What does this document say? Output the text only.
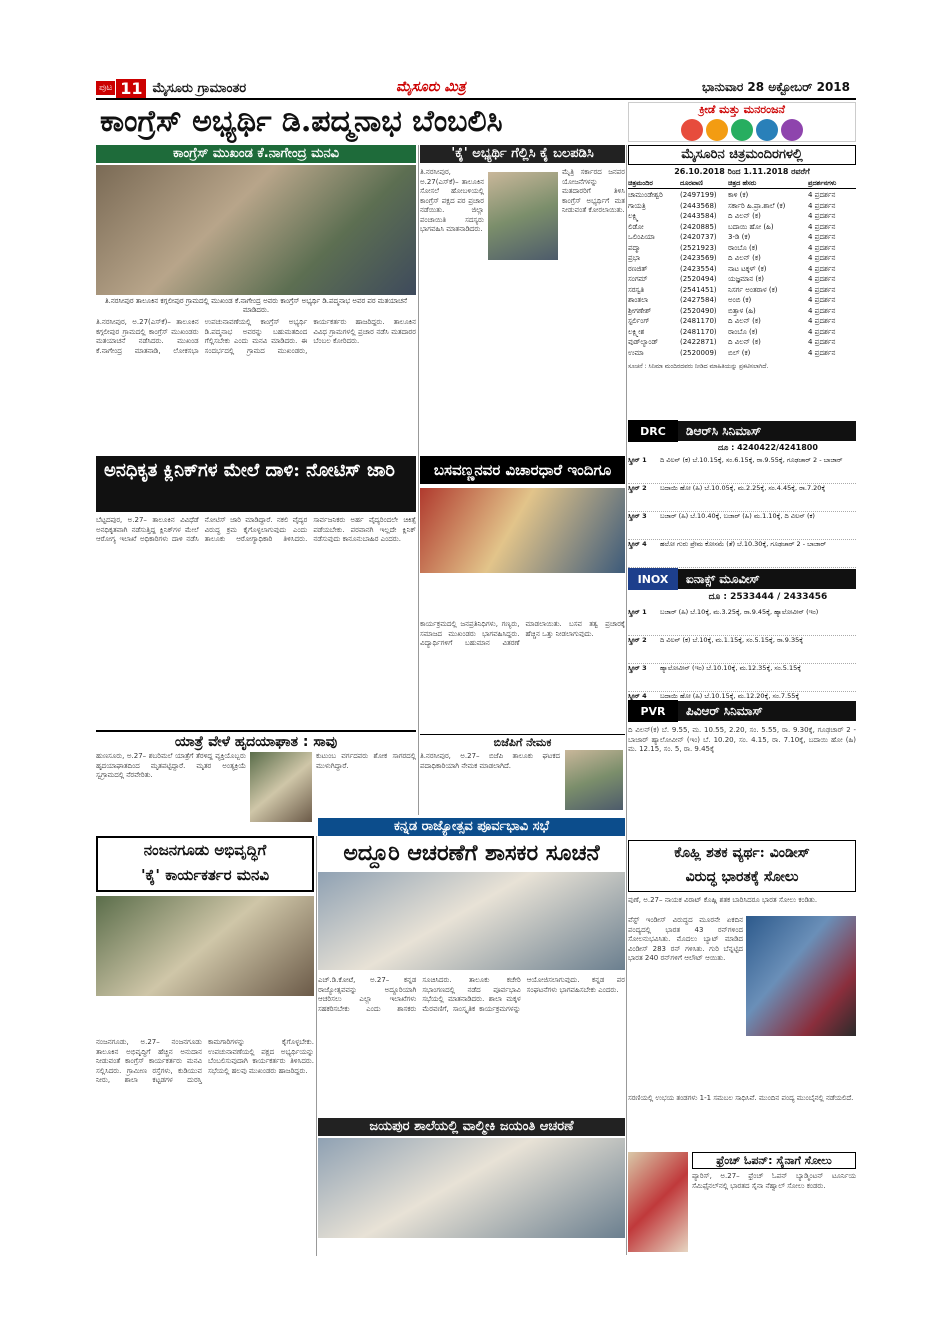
ಪುಟ 11 ಮೈಸೂರು ಗ್ರಾಮಾಂತರ	ಮೈಸೂರು ಮಿತ್ರ	ಭಾನುವಾರ 28 ಅಕ್ಟೋಬರ್ 2018
ಕಾಂಗ್ರೆಸ್ ಅಭ್ಯರ್ಥಿ ಡಿ.ಪದ್ಮನಾಭ ಬೆಂಬಲಿಸಿ	ಕ್ರೀಡೆ ಮತ್ತು ಮನರಂಜನೆ
ಕಾಂಗ್ರೆಸ್ ಮುಖಂಡ ಕೆ.ನಾಗೇಂದ್ರ ಮನವಿ
ತಿ.ನರಸೀಪುರ ತಾಲೂಕಿನ ಕಗ್ಗಲೀಪುರ ಗ್ರಾಮದಲ್ಲಿ ಮುಖಂಡ ಕೆ.ನಾಗೇಂದ್ರ ಅವರು ಕಾಂಗ್ರೆಸ್ ಅಭ್ಯರ್ಥಿ ಡಿ.ಪದ್ಮನಾಭ ಅವರ ಪರ ಮತಯಾಚನೆ ಮಾಡಿದರು.
ತಿ.ನರಸೀಪುರ, ಅ.27(ಎಸ್‌ಕೆ)– ತಾಲೂಕಿನ ಕಗ್ಗಲೀಪುರ ಗ್ರಾಮದಲ್ಲಿ ಕಾಂಗ್ರೆಸ್ ಮುಖಂಡರು ಮತಯಾಚನೆ ನಡೆಸಿದರು. ಮುಖಂಡ ಕೆ.ನಾಗೇಂದ್ರ ಮಾತನಾಡಿ, ಲೋಕಸಭಾ ಉಪಚುನಾವಣೆಯಲ್ಲಿ ಕಾಂಗ್ರೆಸ್ ಅಭ್ಯರ್ಥಿ ಡಿ.ಪದ್ಮನಾಭ ಅವರನ್ನು ಬಹುಮತದಿಂದ ಗೆಲ್ಲಿಸಬೇಕು ಎಂದು ಮನವಿ ಮಾಡಿದರು. ಈ ಸಂದರ್ಭದಲ್ಲಿ ಗ್ರಾಮದ ಮುಖಂಡರು, ಕಾರ್ಯಕರ್ತರು ಹಾಜರಿದ್ದರು. ತಾಲೂಕಿನ ವಿವಿಧ ಗ್ರಾಮಗಳಲ್ಲಿ ಪ್ರಚಾರ ನಡೆಸಿ ಮತದಾರರ ಬೆಂಬಲ ಕೋರಿದರು.
'ಕೈ' ಅಭ್ಯರ್ಥಿ ಗೆಲ್ಲಿಸಿ ಕೈ ಬಲಪಡಿಸಿ
ತಿ.ನರಸೀಪುರ, ಅ.27(ಎಸ್‌ಕೆ)– ತಾಲೂಕಿನ ಸೋಸಲೆ ಹೋಬಳಿಯಲ್ಲಿ ಕಾಂಗ್ರೆಸ್ ಪಕ್ಷದ ಪರ ಪ್ರಚಾರ ನಡೆಯಿತು. ಜಿಲ್ಲಾ ಪಂಚಾಯಿತಿ ಸದಸ್ಯರು ಭಾಗವಹಿಸಿ ಮಾತನಾಡಿದರು.
ಮೈತ್ರಿ ಸರ್ಕಾರದ ಜನಪರ ಯೋಜನೆಗಳನ್ನು ಮತದಾರರಿಗೆ ತಿಳಿಸಿ ಕಾಂಗ್ರೆಸ್ ಅಭ್ಯರ್ಥಿಗೆ ಮತ ನೀಡುವಂತೆ ಕೋರಲಾಯಿತು.
ಮೈಸೂರಿನ ಚಿತ್ರಮಂದಿರಗಳಲ್ಲಿ
26.10.2018 ರಿಂದ 1.11.2018 ರವರೆಗೆ
ಚಿತ್ರಮಂದಿರ	ದೂರವಾಣಿ	ಚಿತ್ರದ ಹೆಸರು	ಪ್ರದರ್ಶನಗಳು
ಚಾಮುಂಡೇಶ್ವರಿ	(2497199)	ಕಾಳಿ (ಕ)	4 ಪ್ರದರ್ಶನ
ಗಾಯತ್ರಿ	(2443568)	ಸರ್ಕಾರಿ ಹಿ.ಪ್ರಾ.ಶಾಲೆ (ಕ)	4 ಪ್ರದರ್ಶನ
ಲಕ್ಷ್ಮಿ	(2443584)	ದಿ ವಿಲನ್ (ಕ)	4 ಪ್ರದರ್ಶನ
ಲಿಡೋ	(2420885)	ಬದಾಯಿ ಹೋ (ಹಿ)	4 ಪ್ರದರ್ಶನ
ಒಲಿಂಪಿಯಾ	(2420737)	3-ಡಿ (ಕ)	4 ಪ್ರದರ್ಶನ
ಪದ್ಮಾ	(2521923)	ರಾಂಬೊ (ಕ)	4 ಪ್ರದರ್ಶನ
ಪ್ರಭಾ	(2423569)	ದಿ ವಿಲನ್ (ಕ)	4 ಪ್ರದರ್ಶನ
ರಣಜಿತ್	(2423554)	ನಾಟ ಟಕ್ಕಳ್ (ಕ)	4 ಪ್ರದರ್ಶನ
ಸಂಗಮ್	(2520494)	ಯಜ್ಞಮಾನ (ಕ)	4 ಪ್ರದರ್ಶನ
ಸರಸ್ವತಿ	(2541451)	ನಿಸರ್ಗ ಅಂತರಾಳ (ಕ)	4 ಪ್ರದರ್ಶನ
ಶಾಂತಲಾ	(2427584)	ಅಂಬಿ (ಕ)	4 ಪ್ರದರ್ಶನ
ಶ್ರೀಗಣೇಶ್	(2520490)	ಬಿತ್ತಾಳ (ಹಿ)	4 ಪ್ರದರ್ಶನ
ಸ್ಟರ್ಲಿಂಗ್	(2481170)	ದಿ ವಿಲನ್ (ಕ)	4 ಪ್ರದರ್ಶನ
ಲಕ್ಷ್ಮೀಶ	(2481170)	ರಾಂಬೊ (ಕ)	4 ಪ್ರದರ್ಶನ
ವುಡ್‌ಲ್ಯಾಂಡ್	(2422871)	ದಿ ವಿಲನ್ (ಕ)	4 ಪ್ರದರ್ಶನ
ಉಮಾ	(2520009)	ಬಿಲ್ (ಕ)	4 ಪ್ರದರ್ಶನ
ಸೂಚನೆ : ಸಿನಿಮಾ ಮಂದಿರದವರು ನೀಡಿದ ಮಾಹಿತಿಯನ್ನು ಪ್ರಕಟಿಸಲಾಗಿದೆ.
DRC	ಡಿಆರ್‌ಸಿ ಸಿನಿಮಾಸ್
ದೂ : 4240422/4241800
ಸ್ಕ್ರೀನ್ 1	ದಿ ವಿಲನ್ (ಕ) ಬೆ.10.15ಕ್ಕೆ, ಸಂ.6.15ಕ್ಕೆ, ರಾ.9.55ಕ್ಕೆ, ಗೂಢಚಾರ್ 2 - ಬಾಜಾರ್
ಸ್ಕ್ರೀನ್ 2	ಬದಾಯಿ ಹೋ (ಹಿ) ಬೆ.10.05ಕ್ಕೆ, ಮ.2.25ಕ್ಕೆ, ಸಂ.4.45ಕ್ಕೆ, ರಾ.7.20ಕ್ಕೆ
ಸ್ಕ್ರೀನ್ 3	ಬಜಾರ್ (ಹಿ) ಬೆ.10.40ಕ್ಕೆ, ಬಜಾರ್ (ಹಿ) ಮ.1.10ಕ್ಕೆ, ದಿ ವಿಲನ್ (ಕ)
ಸ್ಕ್ರೀನ್ 4	ಹಲೋ ಗುರು ಪ್ರೇಮ ಕೋಸಮೆ (ತೆ) ಬೆ.10.30ಕ್ಕೆ, ಗೂಢಚಾರ್ 2 - ಬಾಜಾರ್
INOX	ಐನಾಕ್ಸ್ ಮೂವೀಸ್
ದೂ : 2533444 / 2433456
ಸ್ಕ್ರೀನ್ 1	ಬಜಾರ್ (ಹಿ) ಬೆ.10ಕ್ಕೆ, ಮ.3.25ಕ್ಕೆ, ರಾ.9.45ಕ್ಕೆ, ಹ್ಯಾಲೋವೀನ್ (ಇಂ)
ಸ್ಕ್ರೀನ್ 2	ದಿ ವಿಲನ್ (ಕ) ಬೆ.10ಕ್ಕೆ, ಮ.1.15ಕ್ಕೆ, ಸಂ.5.15ಕ್ಕೆ, ರಾ.9.35ಕ್ಕೆ
ಸ್ಕ್ರೀನ್ 3	ಹ್ಯಾಲೋವೀನ್ (ಇಂ) ಬೆ.10.10ಕ್ಕೆ, ಮ.12.35ಕ್ಕೆ, ಸಂ.5.15ಕ್ಕೆ
ಸ್ಕ್ರೀನ್ 4	ಬದಾಯಿ ಹೋ (ಹಿ) ಬೆ.10.15ಕ್ಕೆ, ಮ.12.20ಕ್ಕೆ, ಸಂ.7.55ಕ್ಕೆ
PVR	ಪಿವಿಆರ್ ಸಿನಿಮಾಸ್
ದಿ ವಿಲನ್(ಕ) ಬೆ. 9.55, ಮ. 10.55, 2.20, ಸಂ. 5.55, ರಾ. 9.30ಕ್ಕೆ, ಗೂಢಚಾರ್ 2 - ಬಾಜಾರ್ ಹ್ಯಾಲೋವೀನ್ (ಇಂ) ಬೆ. 10.20, ಸಂ. 4.15, ರಾ. 7.10ಕ್ಕೆ, ಬದಾಯಿ ಹೋ (ಹಿ) ಮ. 12.15, ಸಂ. 5, ರಾ. 9.45ಕ್ಕೆ
ಅನಧಿಕೃತ ಕ್ಲಿನಿಕ್‌ಗಳ ಮೇಲೆ ದಾಳಿ: ನೋಟಿಸ್ ಜಾರಿ
ಬೆಟ್ಟದಪುರ, ಅ.27– ತಾಲೂಕಿನ ವಿವಿಧೆಡೆ ಅನಧಿಕೃತವಾಗಿ ನಡೆಸುತ್ತಿದ್ದ ಕ್ಲಿನಿಕ್‌ಗಳ ಮೇಲೆ ಆರೋಗ್ಯ ಇಲಾಖೆ ಅಧಿಕಾರಿಗಳು ದಾಳಿ ನಡೆಸಿ ನೋಟಿಸ್ ಜಾರಿ ಮಾಡಿದ್ದಾರೆ. ನಕಲಿ ವೈದ್ಯರ ವಿರುದ್ಧ ಕ್ರಮ ಕೈಗೊಳ್ಳಲಾಗುವುದು ಎಂದು ತಾಲೂಕು ಆರೋಗ್ಯಾಧಿಕಾರಿ ತಿಳಿಸಿದರು. ಸಾರ್ವಜನಿಕರು ಅರ್ಹ ವೈದ್ಯರಿಂದಲೇ ಚಿಕಿತ್ಸೆ ಪಡೆಯಬೇಕು. ಪರವಾನಗಿ ಇಲ್ಲದೇ ಕ್ಲಿನಿಕ್ ನಡೆಸುವುದು ಕಾನೂನುಬಾಹಿರ ಎಂದರು.
ಯಾತ್ರೆ ವೇಳೆ ಹೃದಯಾಘಾತ : ಸಾವು
ಹುಣಸೂರು, ಅ.27– ಶಬರಿಮಲೆ ಯಾತ್ರೆಗೆ ತೆರಳಿದ್ದ ವ್ಯಕ್ತಿಯೊಬ್ಬರು ಹೃದಯಾಘಾತದಿಂದ ಮೃತಪಟ್ಟಿದ್ದಾರೆ. ಮೃತರ ಅಂತ್ಯಕ್ರಿಯೆ ಸ್ವಗ್ರಾಮದಲ್ಲಿ ನೆರವೇರಿತು.
ಕುಟುಂಬ ವರ್ಗದವರು ಶೋಕ ಸಾಗರದಲ್ಲಿ ಮುಳುಗಿದ್ದಾರೆ.
ಬಸವಣ್ಣನವರ ವಿಚಾರಧಾರೆ ಇಂದಿಗೂ
ಕಾರ್ಯಕ್ರಮದಲ್ಲಿ ಜನಪ್ರತಿನಿಧಿಗಳು, ಗಣ್ಯರು, ಸಮಾಜದ ಮುಖಂಡರು ಭಾಗವಹಿಸಿದ್ದರು. ವಿದ್ಯಾರ್ಥಿಗಳಿಗೆ ಬಹುಮಾನ ವಿತರಣೆ ಮಾಡಲಾಯಿತು. ಬಸವ ತತ್ವ ಪ್ರಚಾರಕ್ಕೆ ಹೆಚ್ಚಿನ ಒತ್ತು ನೀಡಲಾಗುವುದು.
ಬಿಜೆಪಿಗೆ ನೇಮಕ
ತಿ.ನರಸೀಪುರ, ಅ.27– ಬಿಜೆಪಿ ತಾಲೂಕು ಘಟಕದ ಪದಾಧಿಕಾರಿಯಾಗಿ ನೇಮಕ ಮಾಡಲಾಗಿದೆ.
ಕನ್ನಡ ರಾಜ್ಯೋತ್ಸವ ಪೂರ್ವಭಾವಿ ಸಭೆ
ಅದ್ದೂರಿ ಆಚರಣೆಗೆ ಶಾಸಕರ ಸೂಚನೆ
ಎಚ್.ಡಿ.ಕೋಟೆ, ಅ.27– ಕನ್ನಡ ರಾಜ್ಯೋತ್ಸವವನ್ನು ಅದ್ದೂರಿಯಾಗಿ ಆಚರಿಸಲು ಎಲ್ಲಾ ಇಲಾಖೆಗಳು ಸಹಕರಿಸಬೇಕು ಎಂದು ಶಾಸಕರು ಸೂಚಿಸಿದರು. ತಾಲೂಕು ಕಚೇರಿ ಸಭಾಂಗಣದಲ್ಲಿ ನಡೆದ ಪೂರ್ವಭಾವಿ ಸಭೆಯಲ್ಲಿ ಮಾತನಾಡಿದರು. ಶಾಲಾ ಮಕ್ಕಳ ಮೆರವಣಿಗೆ, ಸಾಂಸ್ಕೃತಿಕ ಕಾರ್ಯಕ್ರಮಗಳನ್ನು ಆಯೋಜಿಸಲಾಗುವುದು. ಕನ್ನಡ ಪರ ಸಂಘಟನೆಗಳು ಭಾಗವಹಿಸಬೇಕು ಎಂದರು.
ನಂಜನಗೂಡು ಅಭಿವೃದ್ಧಿಗೆ
'ಕೈ' ಕಾರ್ಯಕರ್ತರ ಮನವಿ
ನಂಜನಗೂಡು, ಅ.27– ನಂಜನಗೂಡು ತಾಲೂಕಿನ ಅಭಿವೃದ್ಧಿಗೆ ಹೆಚ್ಚಿನ ಅನುದಾನ ನೀಡುವಂತೆ ಕಾಂಗ್ರೆಸ್ ಕಾರ್ಯಕರ್ತರು ಮನವಿ ಸಲ್ಲಿಸಿದರು. ಗ್ರಾಮೀಣ ರಸ್ತೆಗಳು, ಕುಡಿಯುವ ನೀರು, ಶಾಲಾ ಕಟ್ಟಡಗಳ ದುರಸ್ತಿ ಕಾಮಗಾರಿಗಳನ್ನು ಕೈಗೊಳ್ಳಬೇಕು. ಉಪಚುನಾವಣೆಯಲ್ಲಿ ಪಕ್ಷದ ಅಭ್ಯರ್ಥಿಯನ್ನು ಬೆಂಬಲಿಸುವುದಾಗಿ ಕಾರ್ಯಕರ್ತರು ತಿಳಿಸಿದರು. ಸಭೆಯಲ್ಲಿ ಹಲವು ಮುಖಂಡರು ಹಾಜರಿದ್ದರು.
ಜಯಪುರ ಶಾಲೆಯಲ್ಲಿ ವಾಲ್ಮೀಕಿ ಜಯಂತಿ ಆಚರಣೆ
ಕೊಹ್ಲಿ ಶತಕ ವ್ಯರ್ಥ: ವಿಂಡೀಸ್
ವಿರುದ್ಧ ಭಾರತಕ್ಕೆ ಸೋಲು
ಪುಣೆ, ಅ.27– ನಾಯಕ ವಿರಾಟ್ ಕೊಹ್ಲಿ ಶತಕ ಬಾರಿಸಿದರೂ ಭಾರತ ಸೋಲು ಕಂಡಿತು.
ವೆಸ್ಟ್ ಇಂಡೀಸ್ ವಿರುದ್ಧದ ಮೂರನೇ ಏಕದಿನ ಪಂದ್ಯದಲ್ಲಿ ಭಾರತ 43 ರನ್‌ಗಳಿಂದ ಸೋಲನುಭವಿಸಿತು. ಮೊದಲು ಬ್ಯಾಟ್ ಮಾಡಿದ ವಿಂಡೀಸ್ 283 ರನ್ ಗಳಿಸಿತು. ಗುರಿ ಬೆನ್ನಟ್ಟಿದ ಭಾರತ 240 ರನ್‌ಗಳಿಗೆ ಆಲೌಟ್ ಆಯಿತು.
ಸರಣಿಯಲ್ಲಿ ಉಭಯ ತಂಡಗಳು 1-1 ಸಮಬಲ ಸಾಧಿಸಿವೆ. ಮುಂದಿನ ಪಂದ್ಯ ಮುಂಬೈನಲ್ಲಿ ನಡೆಯಲಿದೆ.
ಫ್ರೆಂಚ್ ಓಪನ್: ಸೈನಾಗೆ ಸೋಲು
ಪ್ಯಾರಿಸ್, ಅ.27– ಫ್ರೆಂಚ್ ಓಪನ್ ಬ್ಯಾಡ್ಮಿಂಟನ್ ಟೂರ್ನಿಯ ಸೆಮಿಫೈನಲ್‌ನಲ್ಲಿ ಭಾರತದ ಸೈನಾ ನೆಹ್ವಾಲ್ ಸೋಲು ಕಂಡರು.
